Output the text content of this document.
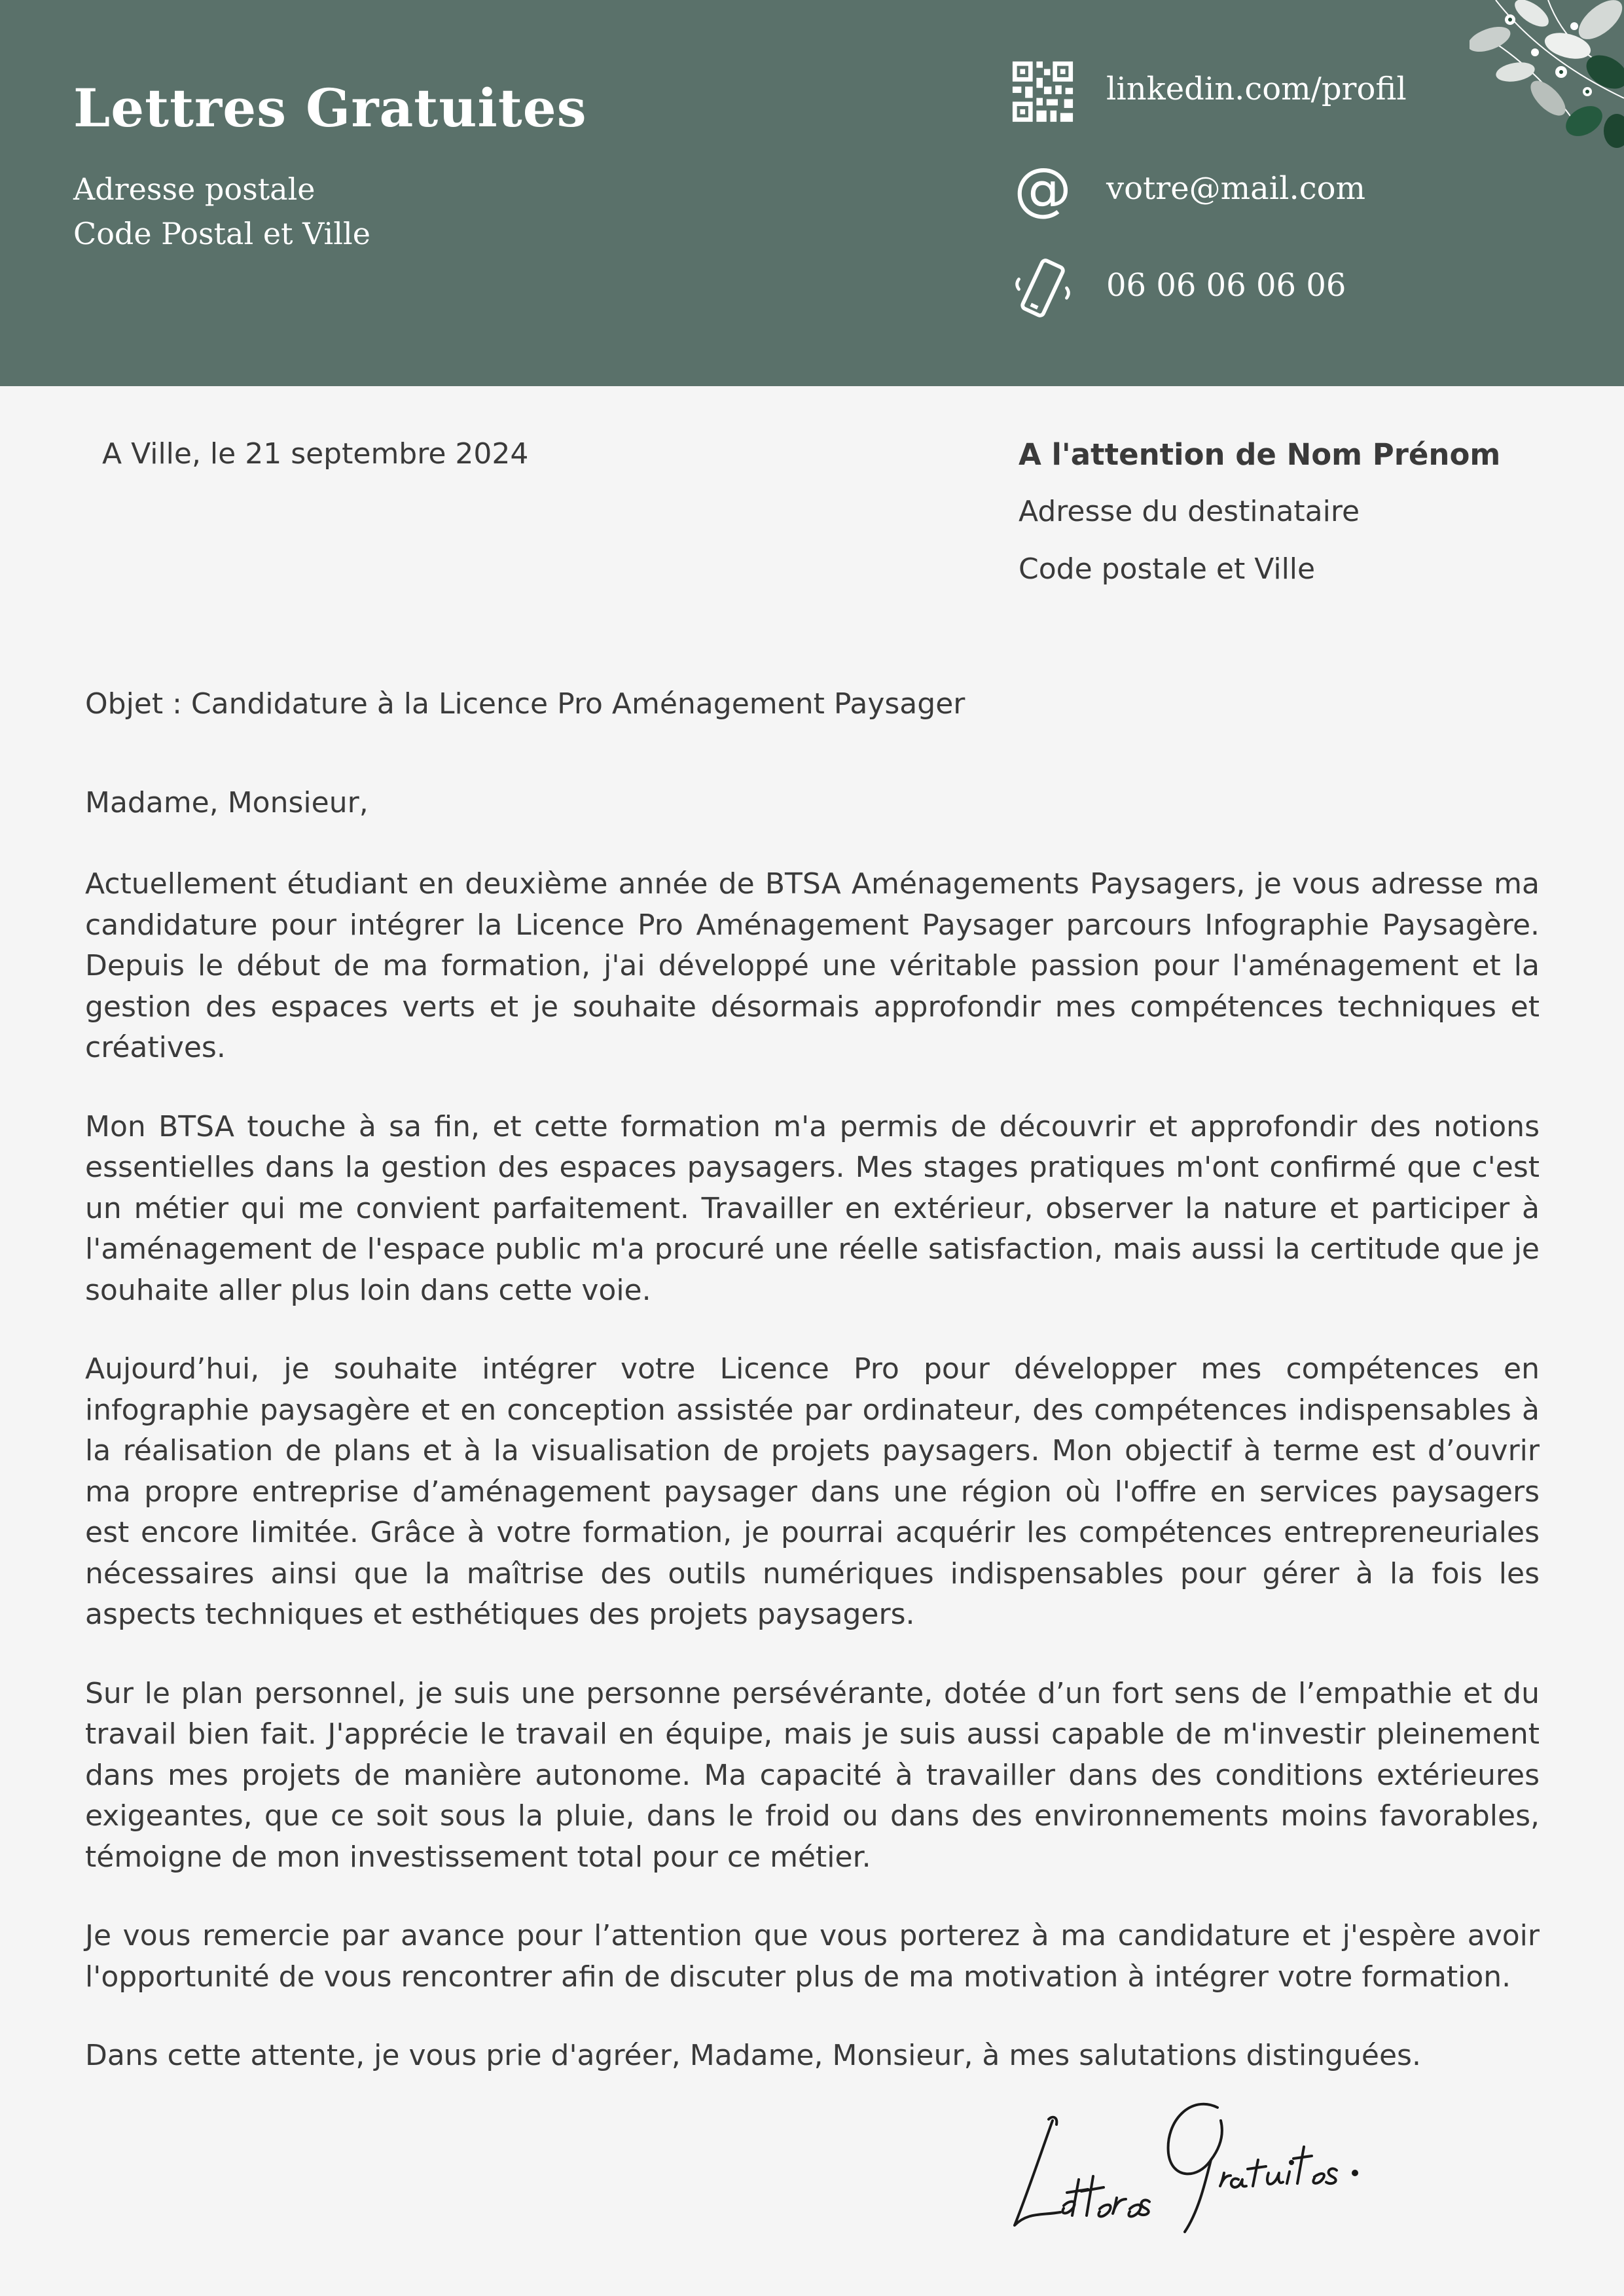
Lettres Gratuites
Adresse postale
Code Postal et Ville
linkedin.com/profil
@ votre@mail.com
06 06 06 06 06
A Ville, le 21 septembre 2024	A l'attention de Nom Prénom
Adresse du destinataire
Code postale et Ville
Objet : Candidature à la Licence Pro Aménagement Paysager
Madame, Monsieur,

Actuellement étudiant en deuxième année de BTSA Aménagements Paysagers, je vous adresse ma candidature pour intégrer la Licence Pro Aménagement Paysager parcours Infographie Paysagère. Depuis le début de ma formation, j'ai développé une véritable passion pour l'aménagement et la gestion des espaces verts et je souhaite désormais approfondir mes compétences techniques et créatives.

Mon BTSA touche à sa fin, et cette formation m'a permis de découvrir et approfondir des notions essentielles dans la gestion des espaces paysagers. Mes stages pratiques m'ont confirmé que c'est un métier qui me convient parfaitement. Travailler en extérieur, observer la nature et participer à l'aménagement de l'espace public m'a procuré une réelle satisfaction, mais aussi la certitude que je souhaite aller plus loin dans cette voie.

Aujourd’hui, je souhaite intégrer votre Licence Pro pour développer mes compétences en infographie paysagère et en conception assistée par ordinateur, des compétences indispensables à la réalisation de plans et à la visualisation de projets paysagers. Mon objectif à terme est d’ouvrir ma propre entreprise d’aménagement paysager dans une région où l'offre en services paysagers est encore limitée. Grâce à votre formation, je pourrai acquérir les compétences entrepreneuriales nécessaires ainsi que la maîtrise des outils numériques indispensables pour gérer à la fois les aspects techniques et esthétiques des projets paysagers.

Sur le plan personnel, je suis une personne persévérante, dotée d’un fort sens de l’empathie et du travail bien fait. J'apprécie le travail en équipe, mais je suis aussi capable de m'investir pleinement dans mes projets de manière autonome. Ma capacité à travailler dans des conditions extérieures exigeantes, que ce soit sous la pluie, dans le froid ou dans des environnements moins favorables, témoigne de mon investissement total pour ce métier.

Je vous remercie par avance pour l’attention que vous porterez à ma candidature et j'espère avoir l'opportunité de vous rencontrer afin de discuter plus de ma motivation à intégrer votre formation.

Dans cette attente, je vous prie d'agréer, Madame, Monsieur, à mes salutations distinguées.
